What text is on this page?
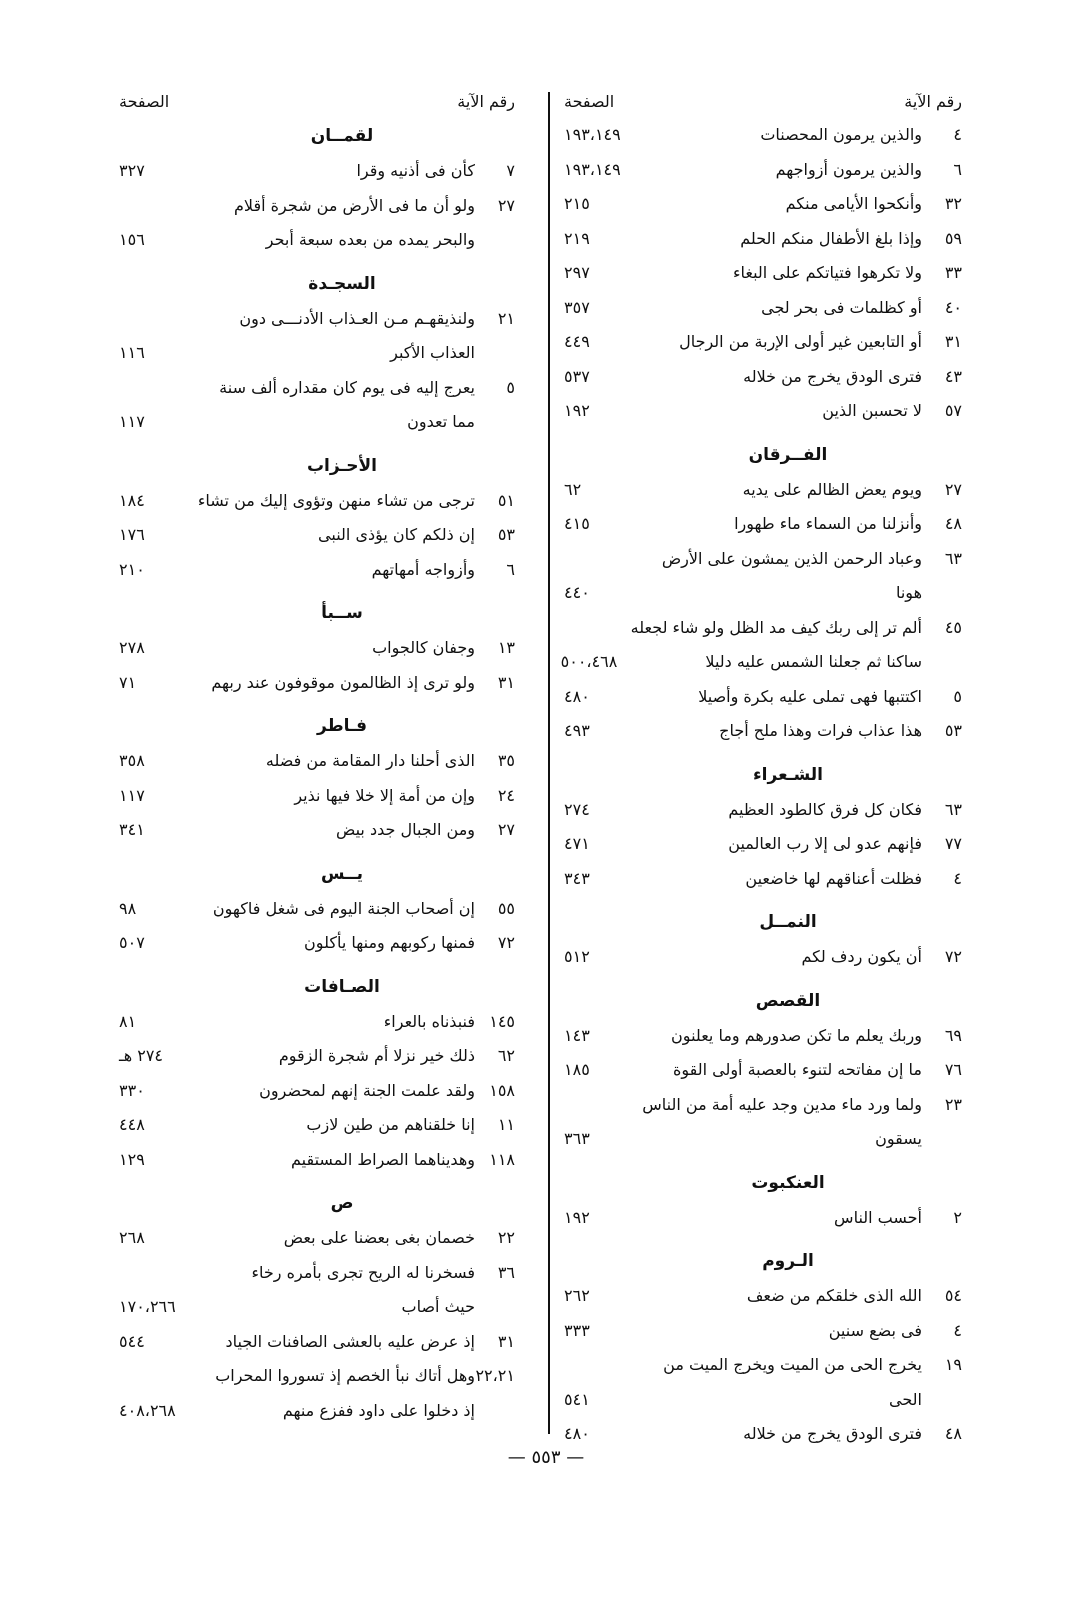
رقم الآية
الصفحة
٤
والذين يرمون المحصنات
١٩٣،١٤٩
٦
والذين يرمون أزواجهم
١٩٣،١٤٩
٣٢
وأنكحوا الأيامى منكم
٢١٥
٥٩
وإذا بلغ الأطفال منكم الحلم
٢١٩
٣٣
ولا تكرهوا فتياتكم على البغاء
٢٩٧
٤٠
أو كظلمات فى بحر لجى
٣٥٧
٣١
أو التابعين غير أولى الإربة من الرجال
٤٤٩
٤٣
فترى الودق يخرج من خلاله
٥٣٧
٥٧
لا تحسبن الذين
١٩٢
الفــرقان
٢٧
ويوم يعض الظالم على يديه
٦٢
٤٨
وأنزلنا من السماء ماء طهورا
٤١٥
٦٣
وعباد الرحمن الذين يمشون على الأرض
هونا
٤٤٠
٤٥
ألم تر إلى ربك كيف مد الظل ولو شاء لجعله
ساكنا ثم جعلنا الشمس عليه دليلا
٥٠٠،٤٦٨
٥
اكتتبها فهى تملى عليه بكرة وأصيلا
٤٨٠
٥٣
هذا عذاب فرات وهذا ملح أجاج
٤٩٣
الشـعراء
٦٣
فكان كل فرق كالطود العظيم
٢٧٤
٧٧
فإنهم عدو لى إلا رب العالمين
٤٧١
٤
فظلت أعناقهم لها خاضعين
٣٤٣
النمــل
٧٢
أن يكون ردف لكم
٥١٢
القصص
٦٩
وربك يعلم ما تكن صدورهم وما يعلنون
١٤٣
٧٦
ما إن مفاتحه لتنوء بالعصبة أولى القوة
١٨٥
٢٣
ولما ورد ماء مدين وجد عليه أمة من الناس
يسقون
٣٦٣
العنكبوت
٢
أحسب الناس
١٩٢
الـروم
٥٤
الله الذى خلقكم من ضعف
٢٦٢
٤
فى بضع سنين
٣٣٣
١٩
يخرج الحى من الميت ويخرج الميت من
الحى
٥٤١
٤٨
فترى الودق يخرج من خلاله
٤٨٠
رقم الآية
الصفحة
لقمــان
٧
كأن فى أذنيه وقرا
٣٢٧
٢٧
ولو أن ما فى الأرض من شجرة أقلام
والبحر يمده من بعده سبعة أبحر
١٥٦
السجـدة
٢١
ولنذيقهـم مـن العـذاب الأدنـــى دون
العذاب الأكبر
١١٦
٥
يعرج إليه فى يوم كان مقداره ألف سنة
مما تعدون
١١٧
الأحـزاب
٥١
ترجى من تشاء منهن وتؤوى إليك من تشاء
١٨٤
٥٣
إن ذلكم كان يؤذى النبى
١٧٦
٦
وأزواجه أمهاتهم
٢١٠
ســبأ
١٣
وجفان كالجواب
٢٧٨
٣١
ولو ترى إذ الظالمون موقوفون عند ربهم
٧١
فـاطر
٣٥
الذى أحلنا دار المقامة من فضله
٣٥٨
٢٤
وإن من أمة إلا خلا فيها نذير
١١٧
٢٧
ومن الجبال جدد بيض
٣٤١
يــس
٥٥
إن أصحاب الجنة اليوم فى شغل فاكهون
٩٨
٧٢
فمنها ركوبهم ومنها يأكلون
٥٠٧
الصـافات
١٤٥
فنبذناه بالعراء
٨١
٦٢
ذلك خير نزلا أم شجرة الزقوم
٢٧٤ هـ
١٥٨
ولقد علمت الجنة إنهم لمحضرون
٣٣٠
١١
إنا خلقناهم من طين لازب
٤٤٨
١١٨
وهديناهما الصراط المستقيم
١٢٩
ص
٢٢
خصمان بغى بعضنا على بعض
٢٦٨
٣٦
فسخرنا له الريح تجرى بأمره رخاء
حيث أصاب
١٧٠،٢٦٦
٣١
إذ عرض عليه بالعشى الصافنات الجياد
٥٤٤
٢٢،٢١
وهل أتاك نبأ الخصم إذ تسوروا المحراب
إذ دخلوا على داود ففزع منهم
٤٠٨،٢٦٨
— ٥٥٣ —
